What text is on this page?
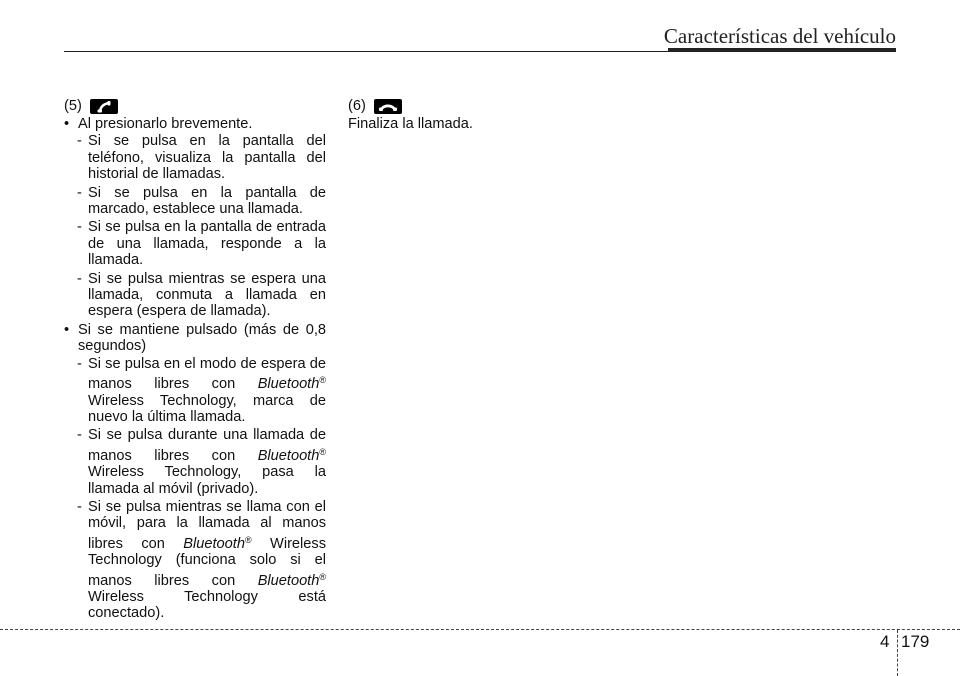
Características del vehículo
(5)
• Al presionarlo brevemente.
- Si se pulsa en la pantalla del teléfono, visualiza la pantalla del historial de llamadas.
- Si se pulsa en la pantalla de marcado, establece una llamada.
- Si se pulsa en la pantalla de entrada de una llamada, responde a la llamada.
- Si se pulsa mientras se espera una llamada, conmuta a llamada en espera (espera de llamada).
• Si se mantiene pulsado (más de 0,8 segundos)
- Si se pulsa en el modo de espera de manos libres con Bluetooth® Wireless Technology, marca de nuevo la última llamada.
- Si se pulsa durante una llamada de manos libres con Bluetooth® Wireless Technology, pasa la llamada al móvil (privado).
- Si se pulsa mientras se llama con el móvil, para la llamada al manos libres con Bluetooth® Wireless Technology (funciona solo si el manos libres con Bluetooth® Wireless Technology está conectado).
(6)
Finaliza la llamada.
4 179
